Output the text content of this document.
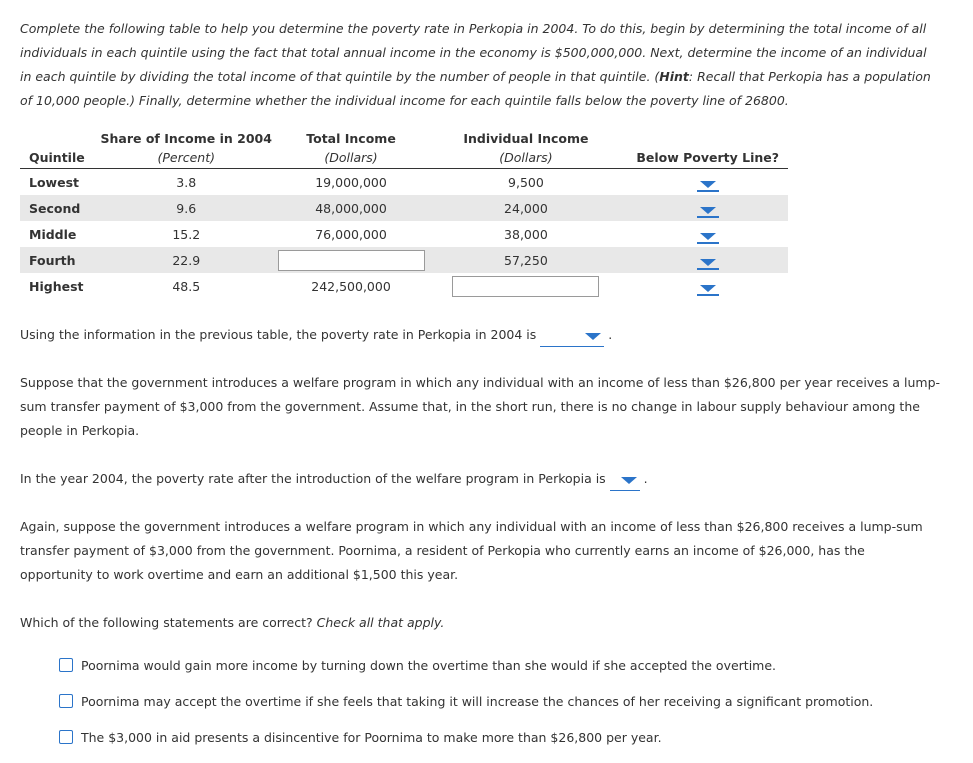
Complete the following table to help you determine the poverty rate in Perkopia in 2004. To do this, begin by determining the total income of all individuals in each quintile using the fact that total annual income in the economy is $500,000,000. Next, determine the income of an individual in each quintile by dividing the total income of that quintile by the number of people in that quintile. (Hint: Recall that Perkopia has a population of 10,000 people.) Finally, determine whether the individual income for each quintile falls below the poverty line of 26800.
	Share of Income in 2004	Total Income	Individual Income	
Quintile	(Percent)	(Dollars)	(Dollars)	Below Poverty Line?
Lowest	3.8	19,000,000	9,500	
Second	9.6	48,000,000	24,000	
Middle	15.2	76,000,000	38,000	
Fourth	22.9		57,250	
Highest	48.5	242,500,000		
Using the information in the previous table, the poverty rate in Perkopia in 2004 is	.
Suppose that the government introduces a welfare program in which any individual with an income of less than $26,800 per year receives a lump-sum transfer payment of $3,000 from the government. Assume that, in the short run, there is no change in labour supply behaviour among the people in Perkopia.
In the year 2004, the poverty rate after the introduction of the welfare program in Perkopia is	.
Again, suppose the government introduces a welfare program in which any individual with an income of less than $26,800 receives a lump-sum transfer payment of $3,000 from the government. Poornima, a resident of Perkopia who currently earns an income of $26,000, has the opportunity to work overtime and earn an additional $1,500 this year.
Which of the following statements are correct? Check all that apply.
Poornima would gain more income by turning down the overtime than she would if she accepted the overtime.
Poornima may accept the overtime if she feels that taking it will increase the chances of her receiving a significant promotion.
The $3,000 in aid presents a disincentive for Poornima to make more than $26,800 per year.
